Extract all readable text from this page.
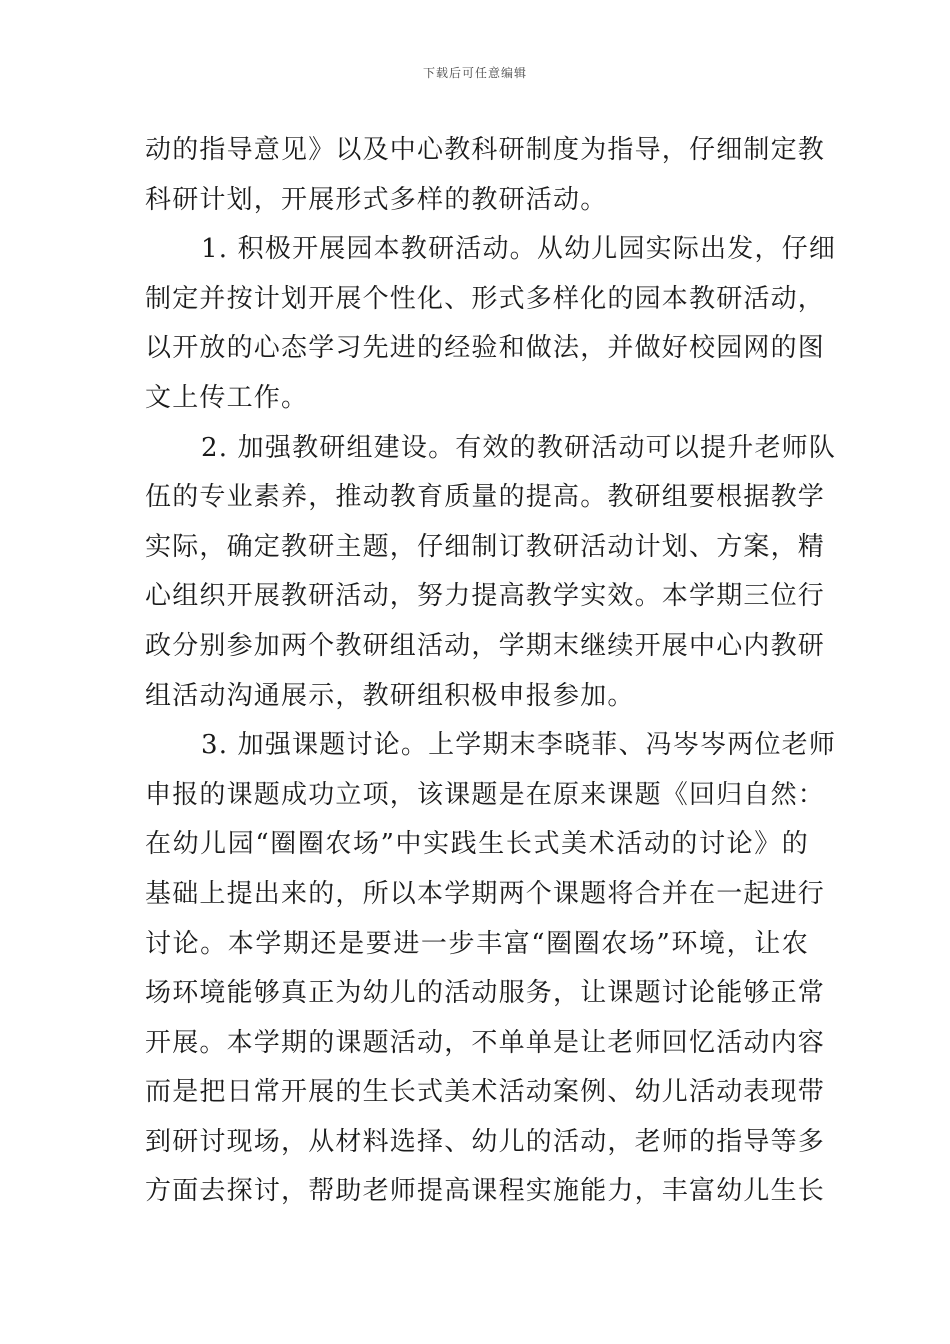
下载后可任意编辑
动的指导意见》以及中心教科研制度为指导，仔细制定教
科研计划，开展形式多样的教研活动。
1. 积极开展园本教研活动。从幼儿园实际出发，仔细
制定并按计划开展个性化、形式多样化的园本教研活动，
以开放的心态学习先进的经验和做法，并做好校园网的图
文上传工作。
2. 加强教研组建设。有效的教研活动可以提升老师队
伍的专业素养，推动教育质量的提高。教研组要根据教学
实际，确定教研主题，仔细制订教研活动计划、方案，精
心组织开展教研活动，努力提高教学实效。本学期三位行
政分别参加两个教研组活动，学期末继续开展中心内教研
组活动沟通展示，教研组积极申报参加。
3. 加强课题讨论。上学期末李晓菲、冯岑岑两位老师
申报的课题成功立项，该课题是在原来课题《回归自然：
在幼儿园“圈圈农场”中实践生长式美术活动的讨论》的
基础上提出来的，所以本学期两个课题将合并在一起进行
讨论。本学期还是要进一步丰富“圈圈农场”环境，让农
场环境能够真正为幼儿的活动服务，让课题讨论能够正常
开展。本学期的课题活动，不单单是让老师回忆活动内容
而是把日常开展的生长式美术活动案例、幼儿活动表现带
到研讨现场，从材料选择、幼儿的活动，老师的指导等多
方面去探讨，帮助老师提高课程实施能力，丰富幼儿生长
